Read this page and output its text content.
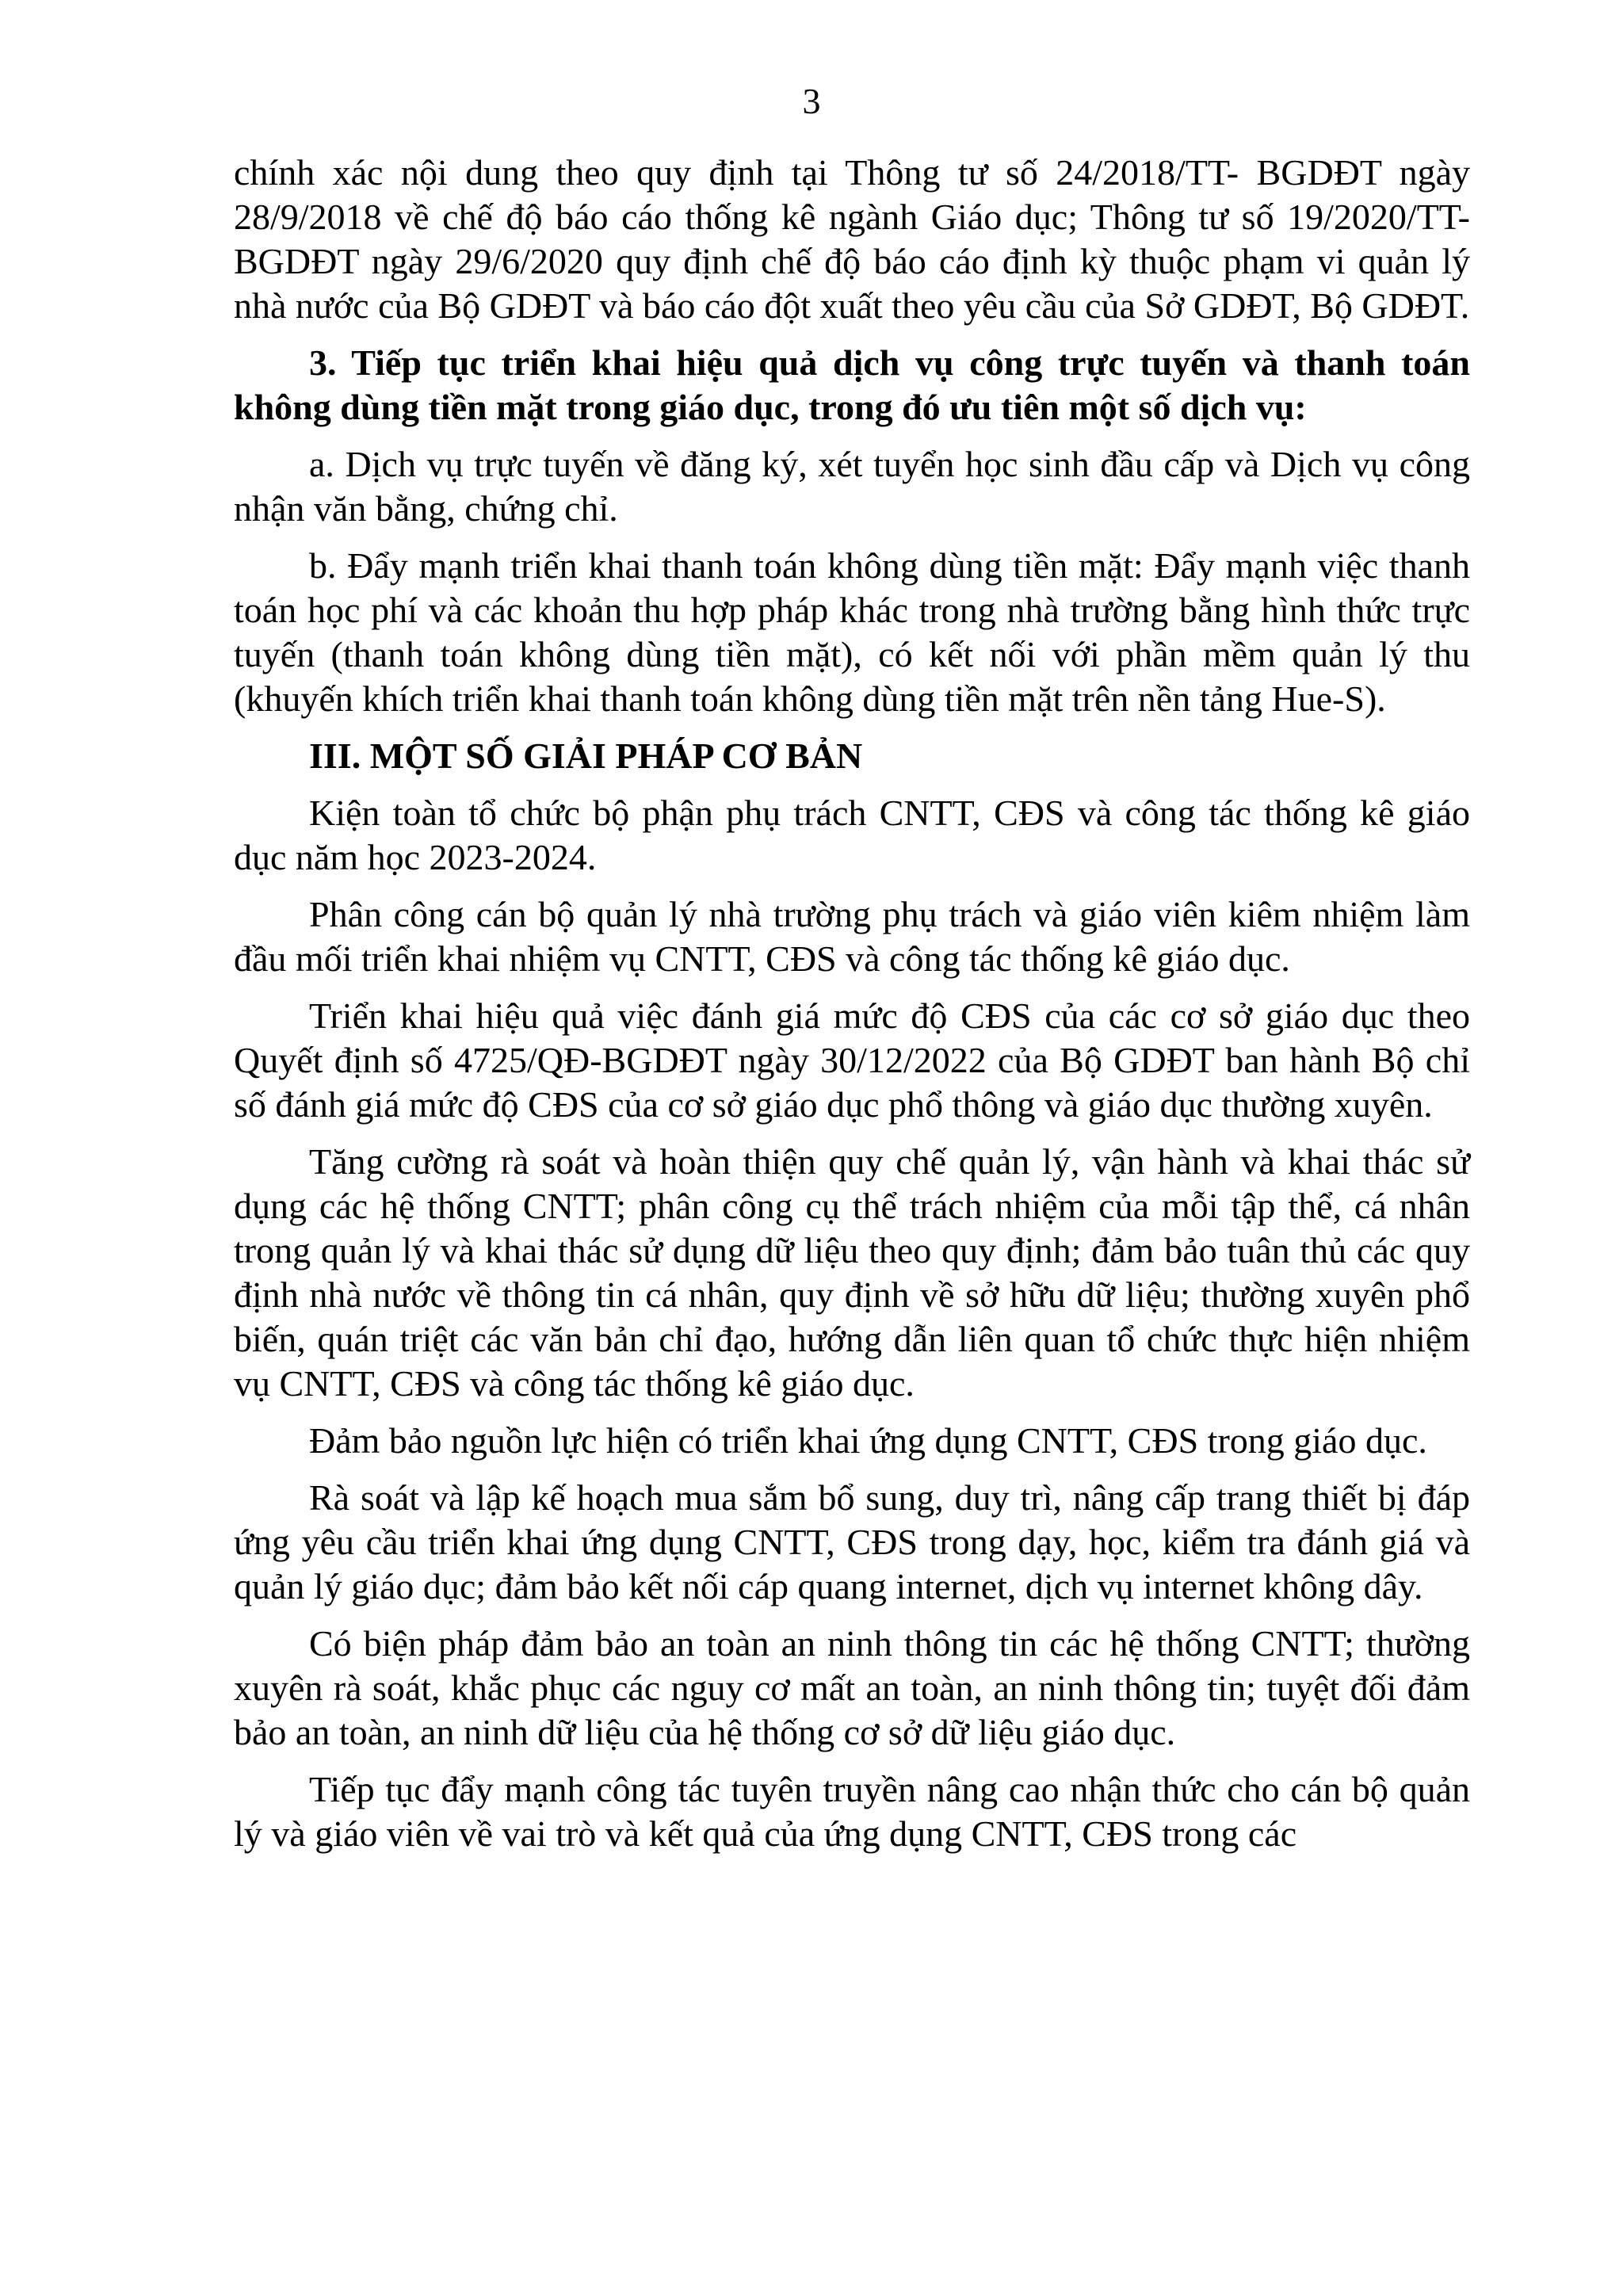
3

chính xác nội dung theo quy định tại Thông tư số 24/2018/TT- BGDĐT ngày 28/9/2018 về chế độ báo cáo thống kê ngành Giáo dục; Thông tư số 19/2020/TT-BGDĐT ngày 29/6/2020 quy định chế độ báo cáo định kỳ thuộc phạm vi quản lý nhà nước của Bộ GDĐT và báo cáo đột xuất theo yêu cầu của Sở GDĐT, Bộ GDĐT.

3. Tiếp tục triển khai hiệu quả dịch vụ công trực tuyến và thanh toán không dùng tiền mặt trong giáo dục, trong đó ưu tiên một số dịch vụ:

a. Dịch vụ trực tuyến về đăng ký, xét tuyển học sinh đầu cấp và Dịch vụ công nhận văn bằng, chứng chỉ.

b. Đẩy mạnh triển khai thanh toán không dùng tiền mặt: Đẩy mạnh việc thanh toán học phí và các khoản thu hợp pháp khác trong nhà trường bằng hình thức trực tuyến (thanh toán không dùng tiền mặt), có kết nối với phần mềm quản lý thu (khuyến khích triển khai thanh toán không dùng tiền mặt trên nền tảng Hue-S).

III. MỘT SỐ GIẢI PHÁP CƠ BẢN

Kiện toàn tổ chức bộ phận phụ trách CNTT, CĐS và công tác thống kê giáo dục năm học 2023-2024.

Phân công cán bộ quản lý nhà trường phụ trách và giáo viên kiêm nhiệm làm đầu mối triển khai nhiệm vụ CNTT, CĐS và công tác thống kê giáo dục.

Triển khai hiệu quả việc đánh giá mức độ CĐS của các cơ sở giáo dục theo Quyết định số 4725/QĐ-BGDĐT ngày 30/12/2022 của Bộ GDĐT ban hành Bộ chỉ số đánh giá mức độ CĐS của cơ sở giáo dục phổ thông và giáo dục thường xuyên.

Tăng cường rà soát và hoàn thiện quy chế quản lý, vận hành và khai thác sử dụng các hệ thống CNTT; phân công cụ thể trách nhiệm của mỗi tập thể, cá nhân trong quản lý và khai thác sử dụng dữ liệu theo quy định; đảm bảo tuân thủ các quy định nhà nước về thông tin cá nhân, quy định về sở hữu dữ liệu; thường xuyên phổ biến, quán triệt các văn bản chỉ đạo, hướng dẫn liên quan tổ chức thực hiện nhiệm vụ CNTT, CĐS và công tác thống kê giáo dục.

Đảm bảo nguồn lực hiện có triển khai ứng dụng CNTT, CĐS trong giáo dục.

Rà soát và lập kế hoạch mua sắm bổ sung, duy trì, nâng cấp trang thiết bị đáp ứng yêu cầu triển khai ứng dụng CNTT, CĐS trong dạy, học, kiểm tra đánh giá và quản lý giáo dục; đảm bảo kết nối cáp quang internet, dịch vụ internet không dây.

Có biện pháp đảm bảo an toàn an ninh thông tin các hệ thống CNTT; thường xuyên rà soát, khắc phục các nguy cơ mất an toàn, an ninh thông tin; tuyệt đối đảm bảo an toàn, an ninh dữ liệu của hệ thống cơ sở dữ liệu giáo dục.

Tiếp tục đẩy mạnh công tác tuyên truyền nâng cao nhận thức cho cán bộ quản lý và giáo viên về vai trò và kết quả của ứng dụng CNTT, CĐS trong các
